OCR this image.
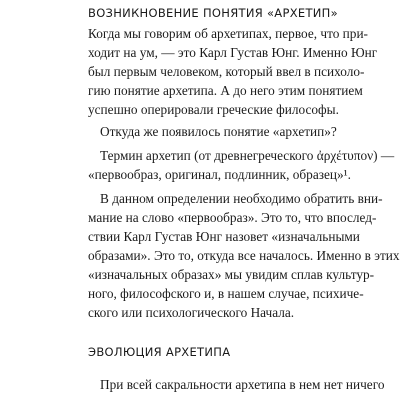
ВОЗНИКНОВЕНИЕ ПОНЯТИЯ «АРХЕТИП»
Когда мы говорим об архетипах, первое, что при-
ходит на ум, — это Карл Густав Юнг. Именно Юнг
был первым человеком, который ввел в психоло-
гию понятие архетипа. А до него этим понятием
успешно оперировали греческие философы.
Откуда же появилось понятие «архетип»?
Термин архетип (от древнегреческого ἀρχέτυπον) —
«первообраз, оригинал, подлинник, образец»¹.
В данном определении необходимо обратить вни-
мание на слово «первообраз». Это то, что впослед-
ствии Карл Густав Юнг назовет «изначальными
образами». Это то, откуда все началось. Именно в этих
«изначальных образах» мы увидим сплав культур-
ного, философского и, в нашем случае, психиче-
ского или психологического Начала.
ЭВОЛЮЦИЯ АРХЕТИПА
При всей сакральности архетипа в нем нет ничего
